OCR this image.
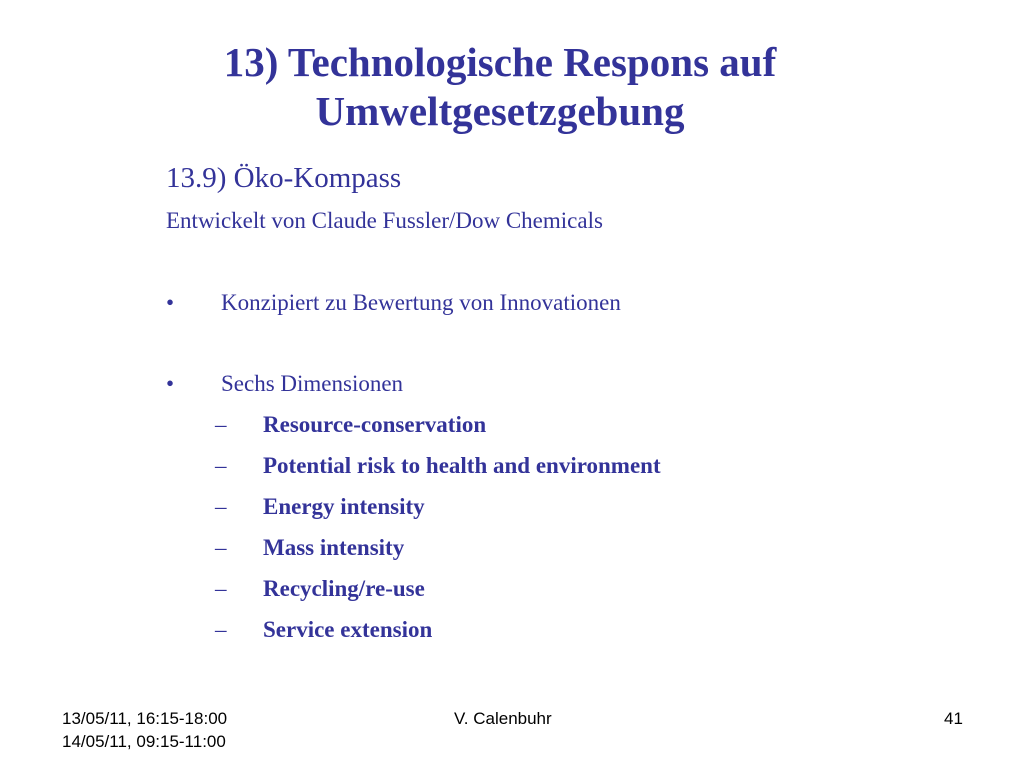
13) Technologische Respons auf
Umweltgesetzgebung

13.9) Öko-Kompass

Entwickelt von Claude Fussler/Dow Chemicals

• Konzipiert zu Bewertung von Innovationen
• Sechs Dimensionen
– Resource-conservation
– Potential risk to health and environment
– Energy intensity
– Mass intensity
– Recycling/re-use
– Service extension
13/05/11, 16:15-18:00
14/05/11, 09:15-11:00
V. Calenbuhr	41
